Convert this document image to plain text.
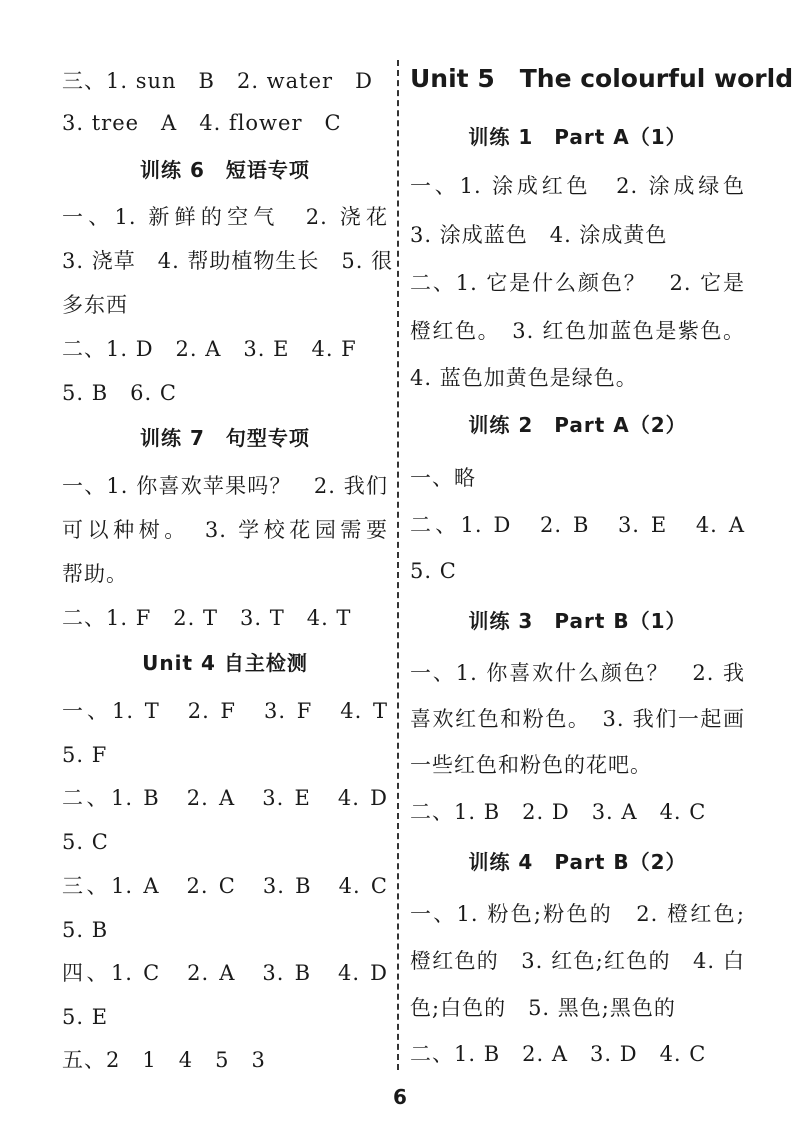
三、1. sun　B　2. water　D
3. tree　A　4. flower　C
训练 6　短语专项
一、1. 新鲜的空气　2. 浇花
3. 浇草　4. 帮助植物生长　5. 很
多东西
二、1. D　2. A　3. E　4. F
5. B　6. C
训练 7　句型专项
一、1. 你喜欢苹果吗？　2. 我们
可以种树。　3. 学校花园需要
帮助。
二、1. F　2. T　3. T　4. T
Unit 4 自主检测
一、1. T　2. F　3. F　4. T
5. F
二、1. B　2. A　3. E　4. D
5. C
三、1. A　2. C　3. B　4. C
5. B
四、1. C　2. A　3. B　4. D
5. E
五、2　1　4　5　3
Unit 5　The colourful world
训练 1　Part A（1）
一、1. 涂成红色　2. 涂成绿色
3. 涂成蓝色　4. 涂成黄色
二、1. 它是什么颜色？　2. 它是
橙红色。　3. 红色加蓝色是紫色。
4. 蓝色加黄色是绿色。
训练 2　Part A（2）
一、略
二、1. D　2. B　3. E　4. A
5. C
训练 3　Part B（1）
一、1. 你喜欢什么颜色？　2. 我
喜欢红色和粉色。　3. 我们一起画
一些红色和粉色的花吧。
二、1. B　2. D　3. A　4. C
训练 4　Part B（2）
一、1. 粉色;粉色的　2. 橙红色;
橙红色的　3. 红色;红色的　4. 白
色;白色的　5. 黑色;黑色的
二、1. B　2. A　3. D　4. C
6
